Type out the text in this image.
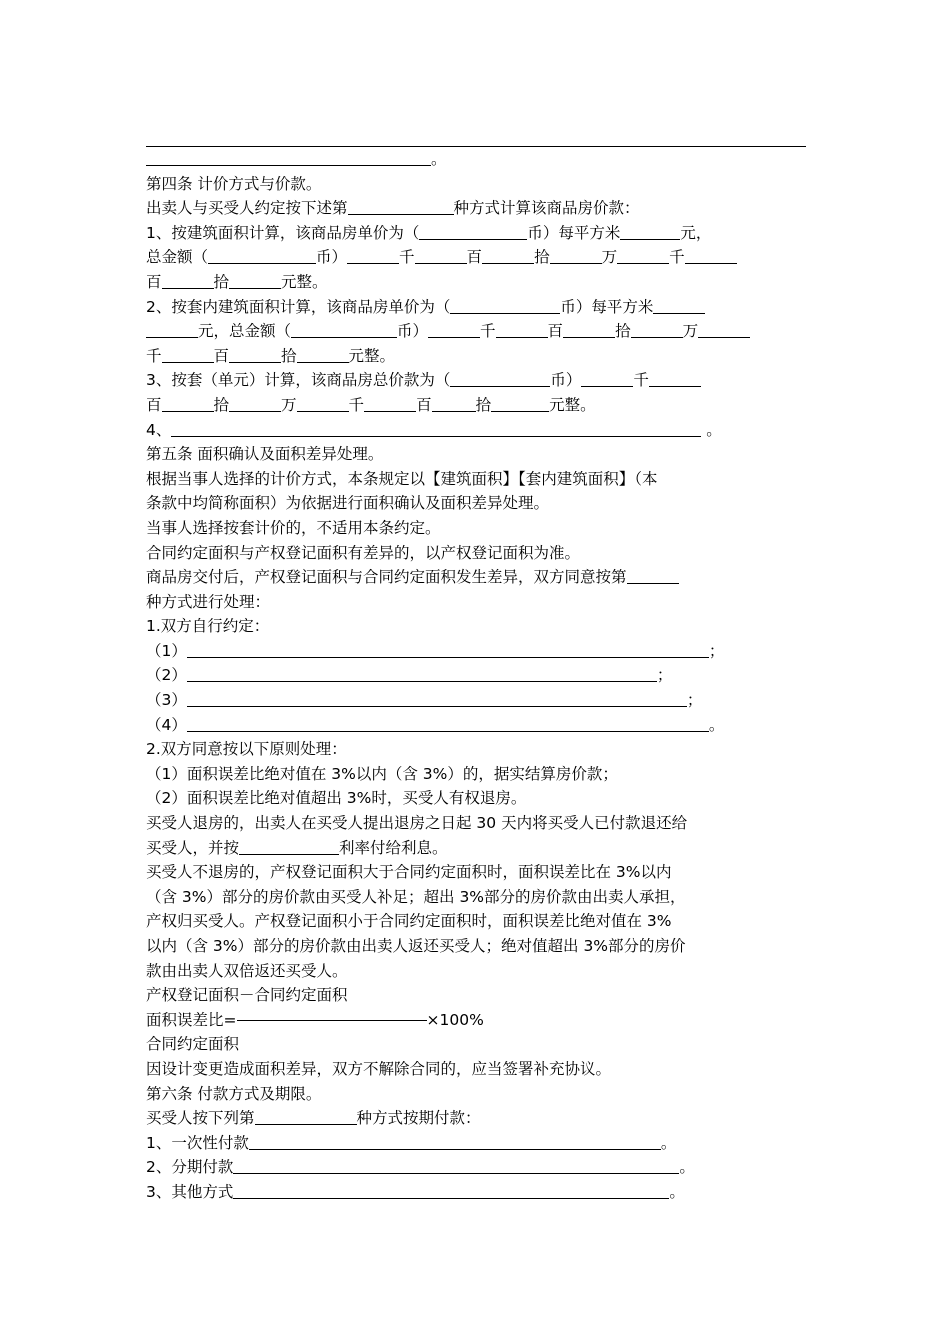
。
第四条 计价方式与价款。
出卖人与买受人约定按下述第	种方式计算该商品房价款：
1、按建筑面积计算，该商品房单价为（	币）每平方米	元，
总金额（	币）	千	百	拾	万	千
百	拾	元整。
2、按套内建筑面积计算，该商品房单价为（	币）每平方米
元，总金额（	币）	千	百	拾	万
千	百	拾	元整。
3、按套（单元）计算，该商品房总价款为（	币）	千
百	拾	万	千	百	拾	元整。
4、	。
第五条 面积确认及面积差异处理。
根据当事人选择的计价方式，本条规定以【建筑面积】【套内建筑面积】（本
条款中均简称面积）为依据进行面积确认及面积差异处理。
当事人选择按套计价的，不适用本条约定。
合同约定面积与产权登记面积有差异的，以产权登记面积为准。
商品房交付后，产权登记面积与合同约定面积发生差异，双方同意按第
种方式进行处理：
1.双方自行约定：
（1）	；
（2）	；
（3）	；
（4）	。
2.双方同意按以下原则处理：
（1）面积误差比绝对值在 3%以内（含 3%）的，据实结算房价款；
（2）面积误差比绝对值超出 3%时，买受人有权退房。
买受人退房的，出卖人在买受人提出退房之日起 30 天内将买受人已付款退还给
买受人，并按	利率付给利息。
买受人不退房的，产权登记面积大于合同约定面积时，面积误差比在 3%以内
（含 3%）部分的房价款由买受人补足；超出 3%部分的房价款由出卖人承担，
产权归买受人。产权登记面积小于合同约定面积时，面积误差比绝对值在 3%
以内（含 3%）部分的房价款由出卖人返还买受人；绝对值超出 3%部分的房价
款由出卖人双倍返还买受人。
产权登记面积－合同约定面积
面积误差比=	×100%
合同约定面积
因设计变更造成面积差异，双方不解除合同的，应当签署补充协议。
第六条 付款方式及期限。
买受人按下列第	种方式按期付款：
1、一次性付款	。
2、分期付款	。
3、其他方式	。
